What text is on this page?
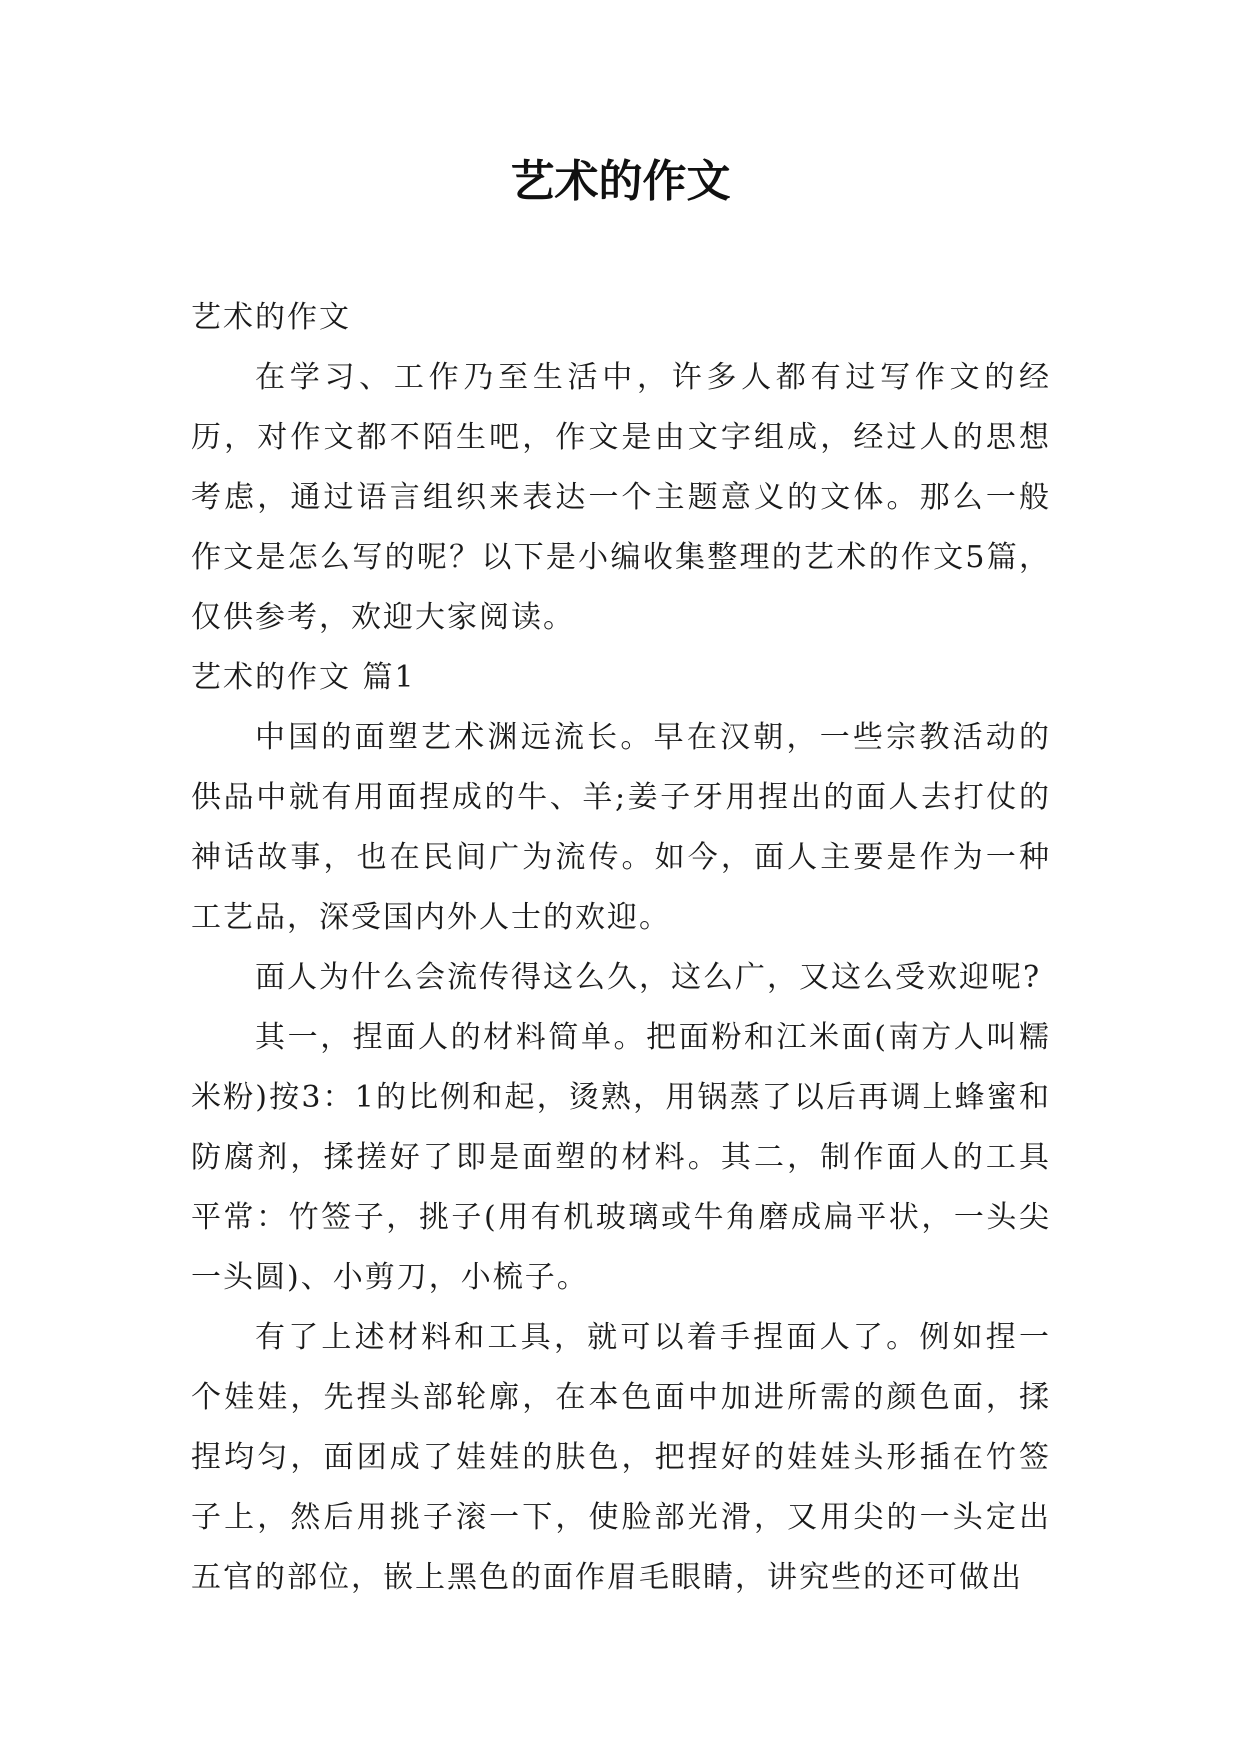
艺术的作文

艺术的作文

在学习、工作乃至生活中，许多人都有过写作文的经历，对作文都不陌生吧，作文是由文字组成，经过人的思想考虑，通过语言组织来表达一个主题意义的文体。那么一般作文是怎么写的呢？以下是小编收集整理的艺术的作文5篇，仅供参考，欢迎大家阅读。

艺术的作文 篇1

中国的面塑艺术渊远流长。早在汉朝，一些宗教活动的供品中就有用面捏成的牛、羊;姜子牙用捏出的面人去打仗的神话故事，也在民间广为流传。如今，面人主要是作为一种工艺品，深受国内外人士的欢迎。

面人为什么会流传得这么久，这么广，又这么受欢迎呢?

其一，捏面人的材料简单。把面粉和江米面(南方人叫糯米粉)按3：1的比例和起，烫熟，用锅蒸了以后再调上蜂蜜和防腐剂，揉搓好了即是面塑的材料。其二，制作面人的工具平常：竹签子，挑子(用有机玻璃或牛角磨成扁平状，一头尖一头圆)、小剪刀，小梳子。

有了上述材料和工具，就可以着手捏面人了。例如捏一个娃娃，先捏头部轮廓，在本色面中加进所需的颜色面，揉捏均匀，面团成了娃娃的肤色，把捏好的娃娃头形插在竹签子上，然后用挑子滚一下，使脸部光滑，又用尖的一头定出五官的部位，嵌上黑色的面作眉毛眼睛，讲究些的还可做出
